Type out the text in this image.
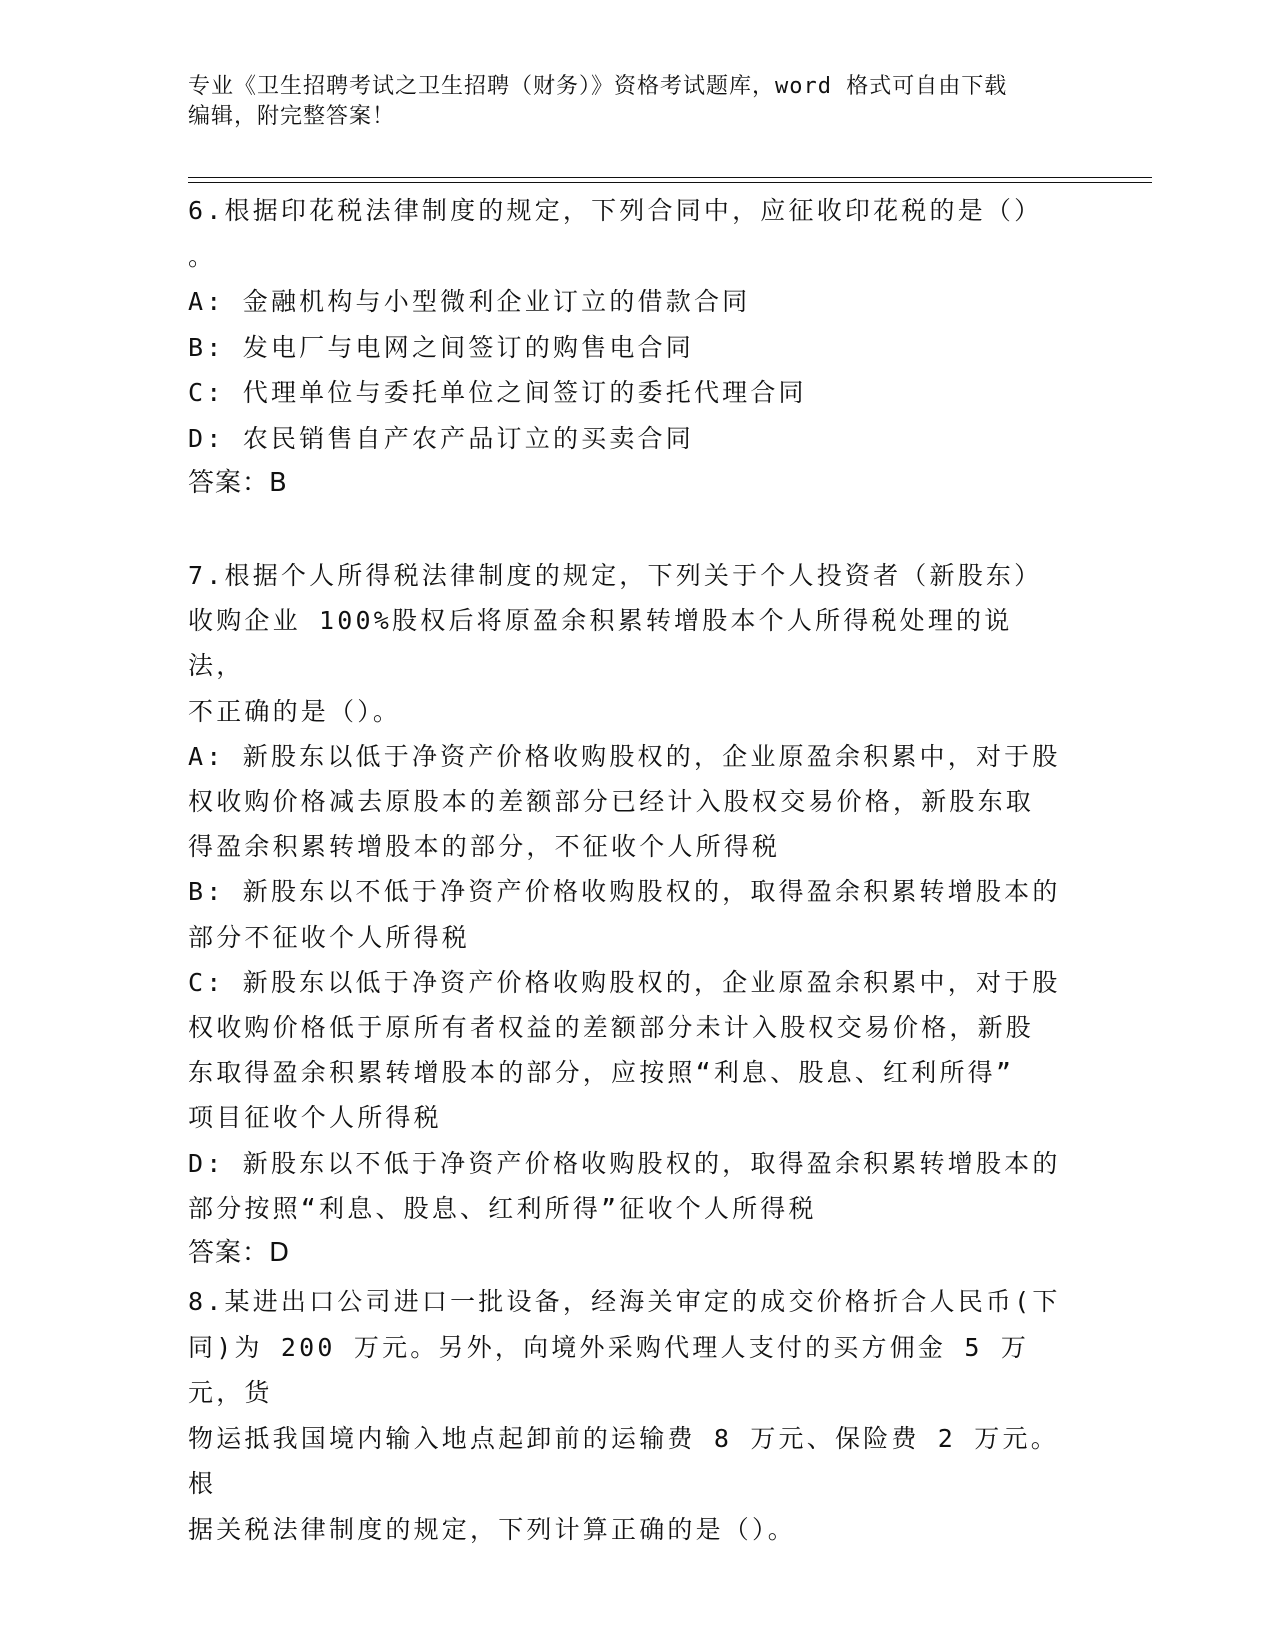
专业《卫生招聘考试之卫生招聘（财务）》资格考试题库，word 格式可自由下载

编辑，附完整答案！

6.根据印花税法律制度的规定，下列合同中，应征收印花税的是（）

。

A: 金融机构与小型微利企业订立的借款合同

B: 发电厂与电网之间签订的购售电合同

C: 代理单位与委托单位之间签订的委托代理合同

D: 农民销售自产农产品订立的买卖合同

答案：B

7.根据个人所得税法律制度的规定，下列关于个人投资者（新股东）

收购企业 100%股权后将原盈余积累转增股本个人所得税处理的说法，

不正确的是（）。

A: 新股东以低于净资产价格收购股权的，企业原盈余积累中，对于股

权收购价格减去原股本的差额部分已经计入股权交易价格，新股东取

得盈余积累转增股本的部分，不征收个人所得税

B: 新股东以不低于净资产价格收购股权的，取得盈余积累转增股本的

部分不征收个人所得税

C: 新股东以低于净资产价格收购股权的，企业原盈余积累中，对于股

权收购价格低于原所有者权益的差额部分未计入股权交易价格，新股

东取得盈余积累转增股本的部分，应按照“利息、股息、红利所得”

项目征收个人所得税

D: 新股东以不低于净资产价格收购股权的，取得盈余积累转增股本的

部分按照“利息、股息、红利所得”征收个人所得税

答案：D

8.某进出口公司进口一批设备，经海关审定的成交价格折合人民币(下

同)为 200 万元。另外，向境外采购代理人支付的买方佣金 5 万元，货

物运抵我国境内输入地点起卸前的运输费 8 万元、保险费 2 万元。根

据关税法律制度的规定，下列计算正确的是（）。
